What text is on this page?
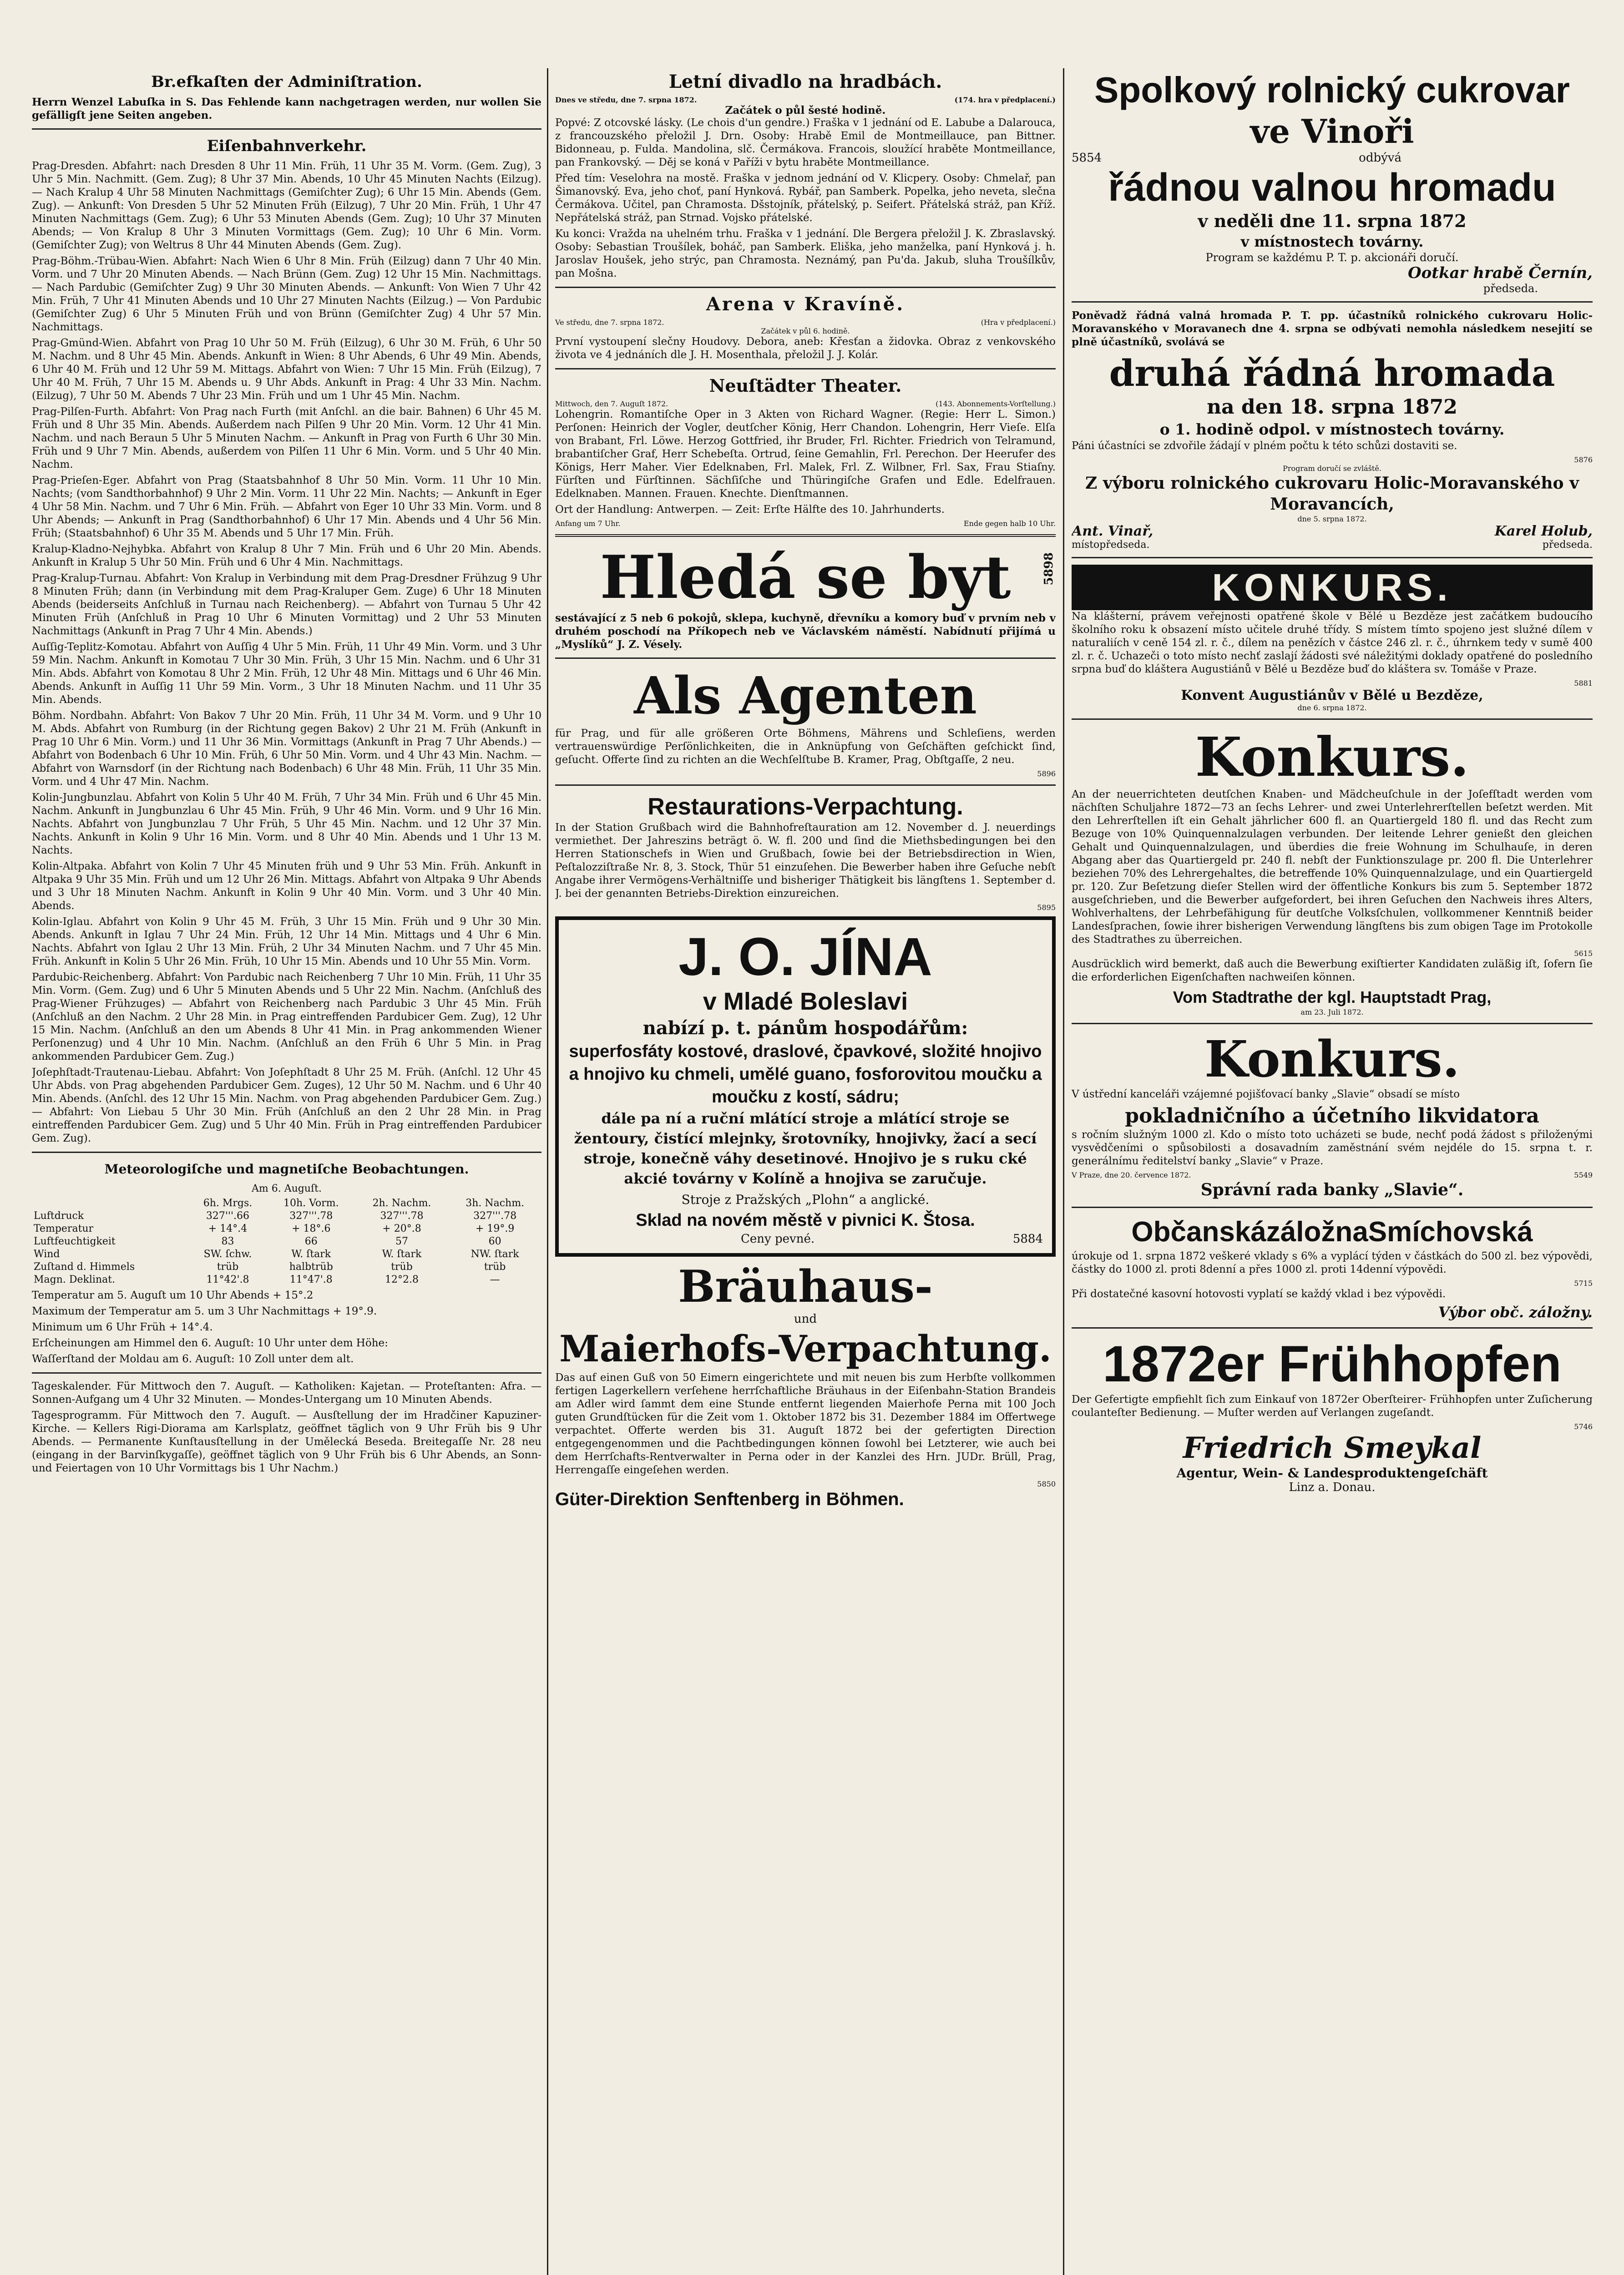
Br.efkaſten der Adminiſtration.

Herrn Wenzel Labuſka in S. Das Fehlende kann nachgetragen werden, nur wollen Sie gefälligſt jene Seiten angeben.

Eiſenbahnverkehr.

Prag-Dresden. Abfahrt: nach Dresden 8 Uhr 11 Min. Früh, 11 Uhr 35 M. Vorm. (Gem. Zug), 3 Uhr 5 Min. Nachmitt. (Gem. Zug); 8 Uhr 37 Min. Abends, 10 Uhr 45 Minuten Nachts (Eilzug). — Nach Kralup 4 Uhr 58 Minuten Nachmittags (Gemiſchter Zug); 6 Uhr 15 Min. Abends (Gem. Zug). — Ankunft: Von Dresden 5 Uhr 52 Minuten Früh (Eilzug), 7 Uhr 20 Min. Früh, 1 Uhr 47 Minuten Nachmittags (Gem. Zug); 6 Uhr 53 Minuten Abends (Gem. Zug); 10 Uhr 37 Minuten Abends; — Von Kralup 8 Uhr 3 Minuten Vormittags (Gem. Zug); 10 Uhr 6 Min. Vorm. (Gemiſchter Zug); von Weltrus 8 Uhr 44 Minuten Abends (Gem. Zug).

Prag-Böhm.-Trübau-Wien. Abfahrt: Nach Wien 6 Uhr 8 Min. Früh (Eilzug) dann 7 Uhr 40 Min. Vorm. und 7 Uhr 20 Minuten Abends. — Nach Brünn (Gem. Zug) 12 Uhr 15 Min. Nachmittags. — Nach Pardubic (Gemiſchter Zug) 9 Uhr 30 Minuten Abends. — Ankunft: Von Wien 7 Uhr 42 Min. Früh, 7 Uhr 41 Minuten Abends und 10 Uhr 27 Minuten Nachts (Eilzug.) — Von Pardubic (Gemiſchter Zug) 6 Uhr 5 Minuten Früh und von Brünn (Gemiſchter Zug) 4 Uhr 57 Min. Nachmittags.

Prag-Gmünd-Wien. Abfahrt von Prag 10 Uhr 50 M. Früh (Eilzug), 6 Uhr 30 M. Früh, 6 Uhr 50 M. Nachm. und 8 Uhr 45 Min. Abends. Ankunft in Wien: 8 Uhr Abends, 6 Uhr 49 Min. Abends, 6 Uhr 40 M. Früh und 12 Uhr 59 M. Mittags. Abfahrt von Wien: 7 Uhr 15 Min. Früh (Eilzug), 7 Uhr 40 M. Früh, 7 Uhr 15 M. Abends u. 9 Uhr Abds. Ankunft in Prag: 4 Uhr 33 Min. Nachm. (Eilzug), 7 Uhr 50 M. Abends 7 Uhr 23 Min. Früh und um 1 Uhr 45 Min. Nachm.

Prag-Pilſen-Furth. Abfahrt: Von Prag nach Furth (mit Anſchl. an die bair. Bahnen) 6 Uhr 45 M. Früh und 8 Uhr 35 Min. Abends. Außerdem nach Pilſen 9 Uhr 20 Min. Vorm. 12 Uhr 41 Min. Nachm. und nach Beraun 5 Uhr 5 Minuten Nachm. — Ankunft in Prag von Furth 6 Uhr 30 Min. Früh und 9 Uhr 7 Min. Abends, außerdem von Pilſen 11 Uhr 6 Min. Vorm. und 5 Uhr 40 Min. Nachm.

Prag-Prieſen-Eger. Abfahrt von Prag (Staatsbahnhof 8 Uhr 50 Min. Vorm. 11 Uhr 10 Min. Nachts; (vom Sandthorbahnhof) 9 Uhr 2 Min. Vorm. 11 Uhr 22 Min. Nachts; — Ankunft in Eger 4 Uhr 58 Min. Nachm. und 7 Uhr 6 Min. Früh. — Abfahrt von Eger 10 Uhr 33 Min. Vorm. und 8 Uhr Abends; — Ankunft in Prag (Sandthorbahnhof) 6 Uhr 17 Min. Abends und 4 Uhr 56 Min. Früh; (Staatsbahnhof) 6 Uhr 35 M. Abends und 5 Uhr 17 Min. Früh.

Kralup-Kladno-Nejhybka. Abfahrt von Kralup 8 Uhr 7 Min. Früh und 6 Uhr 20 Min. Abends. Ankunft in Kralup 5 Uhr 50 Min. Früh und 6 Uhr 4 Min. Nachmittags.

Prag-Kralup-Turnau. Abfahrt: Von Kralup in Verbindung mit dem Prag-Dresdner Frühzug 9 Uhr 8 Minuten Früh; dann (in Verbindung mit dem Prag-Kraluper Gem. Zuge) 6 Uhr 18 Minuten Abends (beiderseits Anſchluß in Turnau nach Reichenberg). — Abfahrt von Turnau 5 Uhr 42 Minuten Früh (Anſchluß in Prag 10 Uhr 6 Minuten Vormittag) und 2 Uhr 53 Minuten Nachmittags (Ankunft in Prag 7 Uhr 4 Min. Abends.)

Auſſig-Teplitz-Komotau. Abfahrt von Auſſig 4 Uhr 5 Min. Früh, 11 Uhr 49 Min. Vorm. und 3 Uhr 59 Min. Nachm. Ankunft in Komotau 7 Uhr 30 Min. Früh, 3 Uhr 15 Min. Nachm. und 6 Uhr 31 Min. Abds. Abfahrt von Komotau 8 Uhr 2 Min. Früh, 12 Uhr 48 Min. Mittags und 6 Uhr 46 Min. Abends. Ankunft in Auſſig 11 Uhr 59 Min. Vorm., 3 Uhr 18 Minuten Nachm. und 11 Uhr 35 Min. Abends.

Böhm. Nordbahn. Abfahrt: Von Bakov 7 Uhr 20 Min. Früh, 11 Uhr 34 M. Vorm. und 9 Uhr 10 M. Abds. Abfahrt von Rumburg (in der Richtung gegen Bakov) 2 Uhr 21 M. Früh (Ankunft in Prag 10 Uhr 6 Min. Vorm.) und 11 Uhr 36 Min. Vormittags (Ankunft in Prag 7 Uhr Abends.) — Abfahrt von Bodenbach 6 Uhr 10 Min. Früh, 6 Uhr 50 Min. Vorm. und 4 Uhr 43 Min. Nachm. — Abfahrt von Warnsdorf (in der Richtung nach Bodenbach) 6 Uhr 48 Min. Früh, 11 Uhr 35 Min. Vorm. und 4 Uhr 47 Min. Nachm.

Kolin-Jungbunzlau. Abfahrt von Kolin 5 Uhr 40 M. Früh, 7 Uhr 34 Min. Früh und 6 Uhr 45 Min. Nachm. Ankunft in Jungbunzlau 6 Uhr 45 Min. Früh, 9 Uhr 46 Min. Vorm. und 9 Uhr 16 Min. Nachts. Abfahrt von Jungbunzlau 7 Uhr Früh, 5 Uhr 45 Min. Nachm. und 12 Uhr 37 Min. Nachts. Ankunft in Kolin 9 Uhr 16 Min. Vorm. und 8 Uhr 40 Min. Abends und 1 Uhr 13 M. Nachts.

Kolin-Altpaka. Abfahrt von Kolin 7 Uhr 45 Minuten früh und 9 Uhr 53 Min. Früh. Ankunft in Altpaka 9 Uhr 35 Min. Früh und um 12 Uhr 26 Min. Mittags. Abfahrt von Altpaka 9 Uhr Abends und 3 Uhr 18 Minuten Nachm. Ankunft in Kolin 9 Uhr 40 Min. Vorm. und 3 Uhr 40 Min. Abends.

Kolin-Iglau. Abfahrt von Kolin 9 Uhr 45 M. Früh, 3 Uhr 15 Min. Früh und 9 Uhr 30 Min. Abends. Ankunft in Iglau 7 Uhr 24 Min. Früh, 12 Uhr 14 Min. Mittags und 4 Uhr 6 Min. Nachts. Abfahrt von Iglau 2 Uhr 13 Min. Früh, 2 Uhr 34 Minuten Nachm. und 7 Uhr 45 Min. Früh. Ankunft in Kolin 5 Uhr 26 Min. Früh, 10 Uhr 15 Min. Abends und 10 Uhr 55 Min. Vorm.

Pardubic-Reichenberg. Abfahrt: Von Pardubic nach Reichenberg 7 Uhr 10 Min. Früh, 11 Uhr 35 Min. Vorm. (Gem. Zug) und 6 Uhr 5 Minuten Abends und 5 Uhr 22 Min. Nachm. (Anſchluß des Prag-Wiener Frühzuges) — Abfahrt von Reichenberg nach Pardubic 3 Uhr 45 Min. Früh (Anſchluß an den Nachm. 2 Uhr 28 Min. in Prag eintreffenden Pardubicer Gem. Zug), 12 Uhr 15 Min. Nachm. (Anſchluß an den um Abends 8 Uhr 41 Min. in Prag ankommenden Wiener Perſonenzug) und 4 Uhr 10 Min. Nachm. (Anſchluß an den Früh 6 Uhr 5 Min. in Prag ankommenden Pardubicer Gem. Zug.)

Joſephſtadt-Trautenau-Liebau. Abfahrt: Von Joſephſtadt 8 Uhr 25 M. Früh. (Anſchl. 12 Uhr 45 Uhr Abds. von Prag abgehenden Pardubicer Gem. Zuges), 12 Uhr 50 M. Nachm. und 6 Uhr 40 Min. Abends. (Anſchl. des 12 Uhr 15 Min. Nachm. von Prag abgehenden Pardubicer Gem. Zug.) — Abfahrt: Von Liebau 5 Uhr 30 Min. Früh (Anſchluß an den 2 Uhr 28 Min. in Prag eintreffenden Pardubicer Gem. Zug) und 5 Uhr 40 Min. Früh in Prag eintreffenden Pardubicer Gem. Zug).

Meteorologiſche und magnetiſche Beobachtungen.
Am 6. Auguſt.
	6h. Mrgs.	10h. Vorm.	2h. Nachm.	3h. Nachm.
Luftdruck	327'''.66	327'''.78	327'''.78	327'''.78
Temperatur	+ 14°.4	+ 18°.6	+ 20°.8	+ 19°.9
Luftfeuchtigkeit	83	66	57	60
Wind	SW. ſchw.	W. ſtark	W. ſtark	NW. ſtark
Zuſtand d. Himmels	trüb	halbtrüb	trüb	trüb
Magn. Deklinat.	11°42'.8	11°47'.8	12°2.8	—

Temperatur am 5. Auguſt um 10 Uhr Abends + 15°.2

Maximum der Temperatur am 5. um 3 Uhr Nachmittags + 19°.9.

Minimum um 6 Uhr Früh + 14°.4.

Erſcheinungen am Himmel den 6. Auguſt: 10 Uhr unter dem Höhe:

Waſſerſtand der Moldau am 6. Auguſt: 10 Zoll unter dem alt.

Tageskalender. Für Mittwoch den 7. Auguſt. — Katholiken: Kajetan. — Proteſtanten: Afra. — Sonnen-Aufgang um 4 Uhr 32 Minuten. — Mondes-Untergang um 10 Minuten Abends.

Tagesprogramm. Für Mittwoch den 7. Auguſt. — Ausſtellung der im Hradčiner Kapuziner-Kirche. — Kellers Rigi-Diorama am Karlsplatz, geöffnet täglich von 9 Uhr Früh bis 9 Uhr Abends. — Permanente Kunſtausſtellung in der Umělecká Beseda. Breitegaſſe Nr. 28 neu (eingang in der Barvinſkygaſſe), geöffnet täglich von 9 Uhr Früh bis 6 Uhr Abends, an Sonn- und Feiertagen von 10 Uhr Vormittags bis 1 Uhr Nachm.)

Letní divadlo na hradbách.
Dnes ve středu, dne 7. srpna 1872.	(174. hra v předplacení.)
Začátek o půl šesté hodině.

Popvé: Z otcovské lásky. (Le chois d'un gendre.) Fraška v 1 jednání od E. Labube a Dalarouca, z francouzského přeložil J. Drn. Osoby: Hrabě Emil de Montmeillauce, pan Bittner. Bidonneau, p. Fulda. Mandolina, slč. Čermákova. Francois, sloužící hraběte Montmeillance, pan Frankovský. — Děj se koná v Paříži v bytu hraběte Montmeillance.

Před tím: Veselohra na mostě. Fraška v jednom jednání od V. Klicpery. Osoby: Chmelař, pan Šimanovský. Eva, jeho choť, paní Hynková. Rybář, pan Samberk. Popelka, jeho neveta, slečna Čermákova. Učitel, pan Chramosta. Dšstojník, přátelský, p. Seifert. Přátelská stráž, pan Kříž. Nepřátelská stráž, pan Strnad. Vojsko přátelské.

Ku konci: Vražda na uhelném trhu. Fraška v 1 jednání. Dle Bergera přeložil J. K. Zbraslavský. Osoby: Sebastian Troušílek, boháč, pan Samberk. Eliška, jeho manželka, paní Hynková j. h. Jaroslav Houšek, jeho strýc, pan Chramosta. Neznámý, pan Pu'da. Jakub, sluha Troušílkův, pan Mošna.

Arena v Kravíně.
Ve středu, dne 7. srpna 1872.	(Hra v předplacení.)
Začátek v půl 6. hodině.

První vystoupení slečny Houdovy. Debora, aneb: Křesťan a židovka. Obraz z venkovského života ve 4 jednáních dle J. H. Mosenthala, přeložil J. J. Kolár.

Neuſtädter Theater.
Mittwoch, den 7. Auguſt 1872.	(143. Abonnements-Vorſtellung.)

Lohengrin. Romantiſche Oper in 3 Akten von Richard Wagner. (Regie: Herr L. Simon.) Perſonen: Heinrich der Vogler, deutſcher König, Herr Chandon. Lohengrin, Herr Vieſe. Elſa von Brabant, Frl. Löwe. Herzog Gottfried, ihr Bruder, Frl. Richter. Friedrich von Telramund, brabantiſcher Graf, Herr Schebeſta. Ortrud, ſeine Gemahlin, Frl. Perechon. Der Heerufer des Königs, Herr Maher. Vier Edelknaben, Frl. Malek, Frl. Z. Wilbner, Frl. Sax, Frau Stiaſny. Fürſten und Fürſtinnen. Sächſiſche und Thüringiſche Grafen und Edle. Edelfrauen. Edelknaben. Mannen. Frauen. Knechte. Dienſtmannen.

Ort der Handlung: Antwerpen. — Zeit: Erſte Hälfte des 10. Jahrhunderts.

Anfang um 7 Uhr.	Ende gegen halb 10 Uhr.
Hledá se byt	5898

sestávající z 5 neb 6 pokojů, sklepa, kuchyně, dřevníku a komory buď v prvním neb v druhém poschodí na Příkopech neb ve Václavském náměstí. Nabídnutí přijímá u „Myslíků“ J. Z. Vésely.

Als Agenten

für Prag, und für alle größeren Orte Böhmens, Mährens und Schleſiens, werden vertrauenswürdige Perſönlichkeiten, die in Anknüpfung von Geſchäften geſchickt ſind, geſucht. Offerte ſind zu richten an die Wechſelſtube B. Kramer, Prag, Obſtgaſſe, 2 neu.

5896
Restaurations-Verpachtung.

In der Station Grußbach wird die Bahnhofreſtauration am 12. November d. J. neuerdings vermiethet. Der Jahreszins beträgt ö. W. fl. 200 und ſind die Miethsbedingungen bei den Herren Stationschefs in Wien und Grußbach, ſowie bei der Betriebsdirection in Wien, Peſtalozziſtraße Nr. 8, 3. Stock, Thür 51 einzuſehen. Die Bewerber haben ihre Geſuche nebſt Angabe ihrer Vermögens-Verhältniſſe und bisheriger Thätigkeit bis längſtens 1. September d. J. bei der genannten Betriebs-Direktion einzureichen.

5895
J. O. JÍNA
v Mladé Boleslavi
nabízí p. t. pánům hospodářům:
superfosfáty kostové, draslové, čpavkové, složité hnojivo a hnojivo ku chmeli, umělé guano, fosforovitou moučku a moučku z kostí, sádru;

dále pa ní a ruční mlátící stroje a mlátící stroje se žentoury, čistící mlejnky, šrotovníky, hnojivky, žací a secí stroje, konečně váhy desetinové. Hnojivo je s ruku cké akcié továrny v Kolíně a hnojiva se zaručuje.

Stroje z Pražských „Plohn“ a anglické.
Sklad na novém městě v pivnici K. Štosa.
Ceny pevné.	5884
Bräuhaus-
und
Maierhofs-Verpachtung.

Das auf einen Guß von 50 Eimern eingerichtete und mit neuen bis zum Herbſte vollkommen fertigen Lagerkellern verſehene herrſchaftliche Bräuhaus in der Eiſenbahn-Station Brandeis am Adler wird ſammt dem eine Stunde entfernt liegenden Maierhofe Perna mit 100 Joch guten Grundſtücken für die Zeit vom 1. Oktober 1872 bis 31. Dezember 1884 im Offertwege verpachtet. Offerte werden bis 31. Auguſt 1872 bei der gefertigten Direction entgegengenommen und die Pachtbedingungen können ſowohl bei Letzterer, wie auch bei dem Herrſchafts-Rentverwalter in Perna oder in der Kanzlei des Hrn. JUDr. Brüll, Prag, Herrengaſſe eingeſehen werden.

5850
Güter-Direktion Senftenberg in Böhmen.
Spolkový rolnický cukrovar
ve Vinoři
5854	odbývá
řádnou valnou hromadu
v neděli dne 11. srpna 1872
v místnostech továrny.
Program se každému P. T. p. akcionáři doručí.
Ootkar hrabě Černín,
předseda.

Poněvadž řádná valná hromada P. T. pp. účastníků rolnického cukrovaru Holic-Moravanského v Moravanech dne 4. srpna se odbývati nemohla následkem nesejití se plně účastníků, svolává se

druhá řádná hromada
na den 18. srpna 1872
o 1. hodině odpol. v místnostech továrny.

Páni účastníci se zdvořile žádají v plném počtu k této schůzi dostaviti se.

5876
Program doručí se zvláště.
Z výboru rolnického cukrovaru Holic-Moravanského v Moravancích,
dne 5. srpna 1872.
Ant. Vinař,	Karel Holub,
místopředseda.	předseda.
KONKURS.

Na klášterní, právem veřejnosti opatřené škole v Bělé u Bezděze jest začátkem budoucího školního roku k obsazení místo učitele druhé třídy. S místem tímto spojeno jest služné dílem v naturaliích v ceně 154 zl. r. č., dílem na penězích v částce 246 zl. r. č., úhrnkem tedy v sumě 400 zl. r. č. Uchazeči o toto místo nechť zaslají žádosti své náležitými doklady opatřené do posledního srpna buď do kláštera Augustiánů v Bělé u Bezděze buď do kláštera sv. Tomáše v Praze.

5881
Konvent Augustiánův v Bělé u Bezděze,
dne 6. srpna 1872.
Konkurs.

An der neuerrichteten deutſchen Knaben- und Mädcheuſchule in der Joſefſtadt werden vom nächſten Schuljahre 1872—73 an ſechs Lehrer- und zwei Unterlehrerſtellen beſetzt werden. Mit den Lehrerſtellen iſt ein Gehalt jährlicher 600 fl. an Quartiergeld 180 fl. und das Recht zum Bezuge von 10% Quinquennalzulagen verbunden. Der leitende Lehrer genießt den gleichen Gehalt und Quinquennalzulagen, und überdies die freie Wohnung im Schulhauſe, in deren Abgang aber das Quartiergeld pr. 240 fl. nebſt der Funktionszulage pr. 200 fl. Die Unterlehrer beziehen 70% des Lehrergehaltes, die betreffende 10% Quinquennalzulage, und ein Quartiergeld pr. 120. Zur Beſetzung dieſer Stellen wird der öffentliche Konkurs bis zum 5. September 1872 ausgeſchrieben, und die Bewerber aufgefordert, bei ihren Geſuchen den Nachweis ihres Alters, Wohlverhaltens, der Lehrbefähigung für deutſche Volksſchulen, vollkommener Kenntniß beider Landesſprachen, ſowie ihrer bisherigen Verwendung längſtens bis zum obigen Tage im Protokolle des Stadtrathes zu überreichen.

5615

Ausdrücklich wird bemerkt, daß auch die Bewerbung exiſtierter Kandidaten zuläßig iſt, ſofern ſie die erforderlichen Eigenſchaften nachweiſen können.

Vom Stadtrathe der kgl. Hauptstadt Prag,
am 23. Juli 1872.
Konkurs.

V ústřední kanceláři vzájemné pojišťovací banky „Slavie“ obsadí se místo

pokladničního a účetního likvidatora

s ročním služným 1000 zl. Kdo o místo toto ucházeti se bude, nechť podá žádost s přiloženými vysvědčeními o spůsobilosti a dosavadním zaměstnání svém nejdéle do 15. srpna t. r. generálnímu ředitelství banky „Slavie“ v Praze.

V Praze, dne 20. července 1872.	5549
Správní rada banky „Slavie“.
ObčanskázáložnaSmíchovská

úrokuje od 1. srpna 1872 veškeré vklady s 6% a vyplácí týden v částkách do 500 zl. bez výpovědi, částky do 1000 zl. proti 8denní a přes 1000 zl. proti 14denní výpovědi.

5715

Při dostatečné kasovní hotovosti vyplatí se každý vklad i bez výpovědi.

Výbor obč. záložny.
1872er Frühhopfen

Der Gefertigte empfiehlt ſich zum Einkauf von 1872er Oberſteirer- Frühhopfen unter Zuſicherung coulanteſter Bedienung. — Muſter werden auf Verlangen zugeſandt.

5746
Friedrich Smeykal
Agentur, Wein- & Landesproduktengeſchäft
Linz a. Donau.
